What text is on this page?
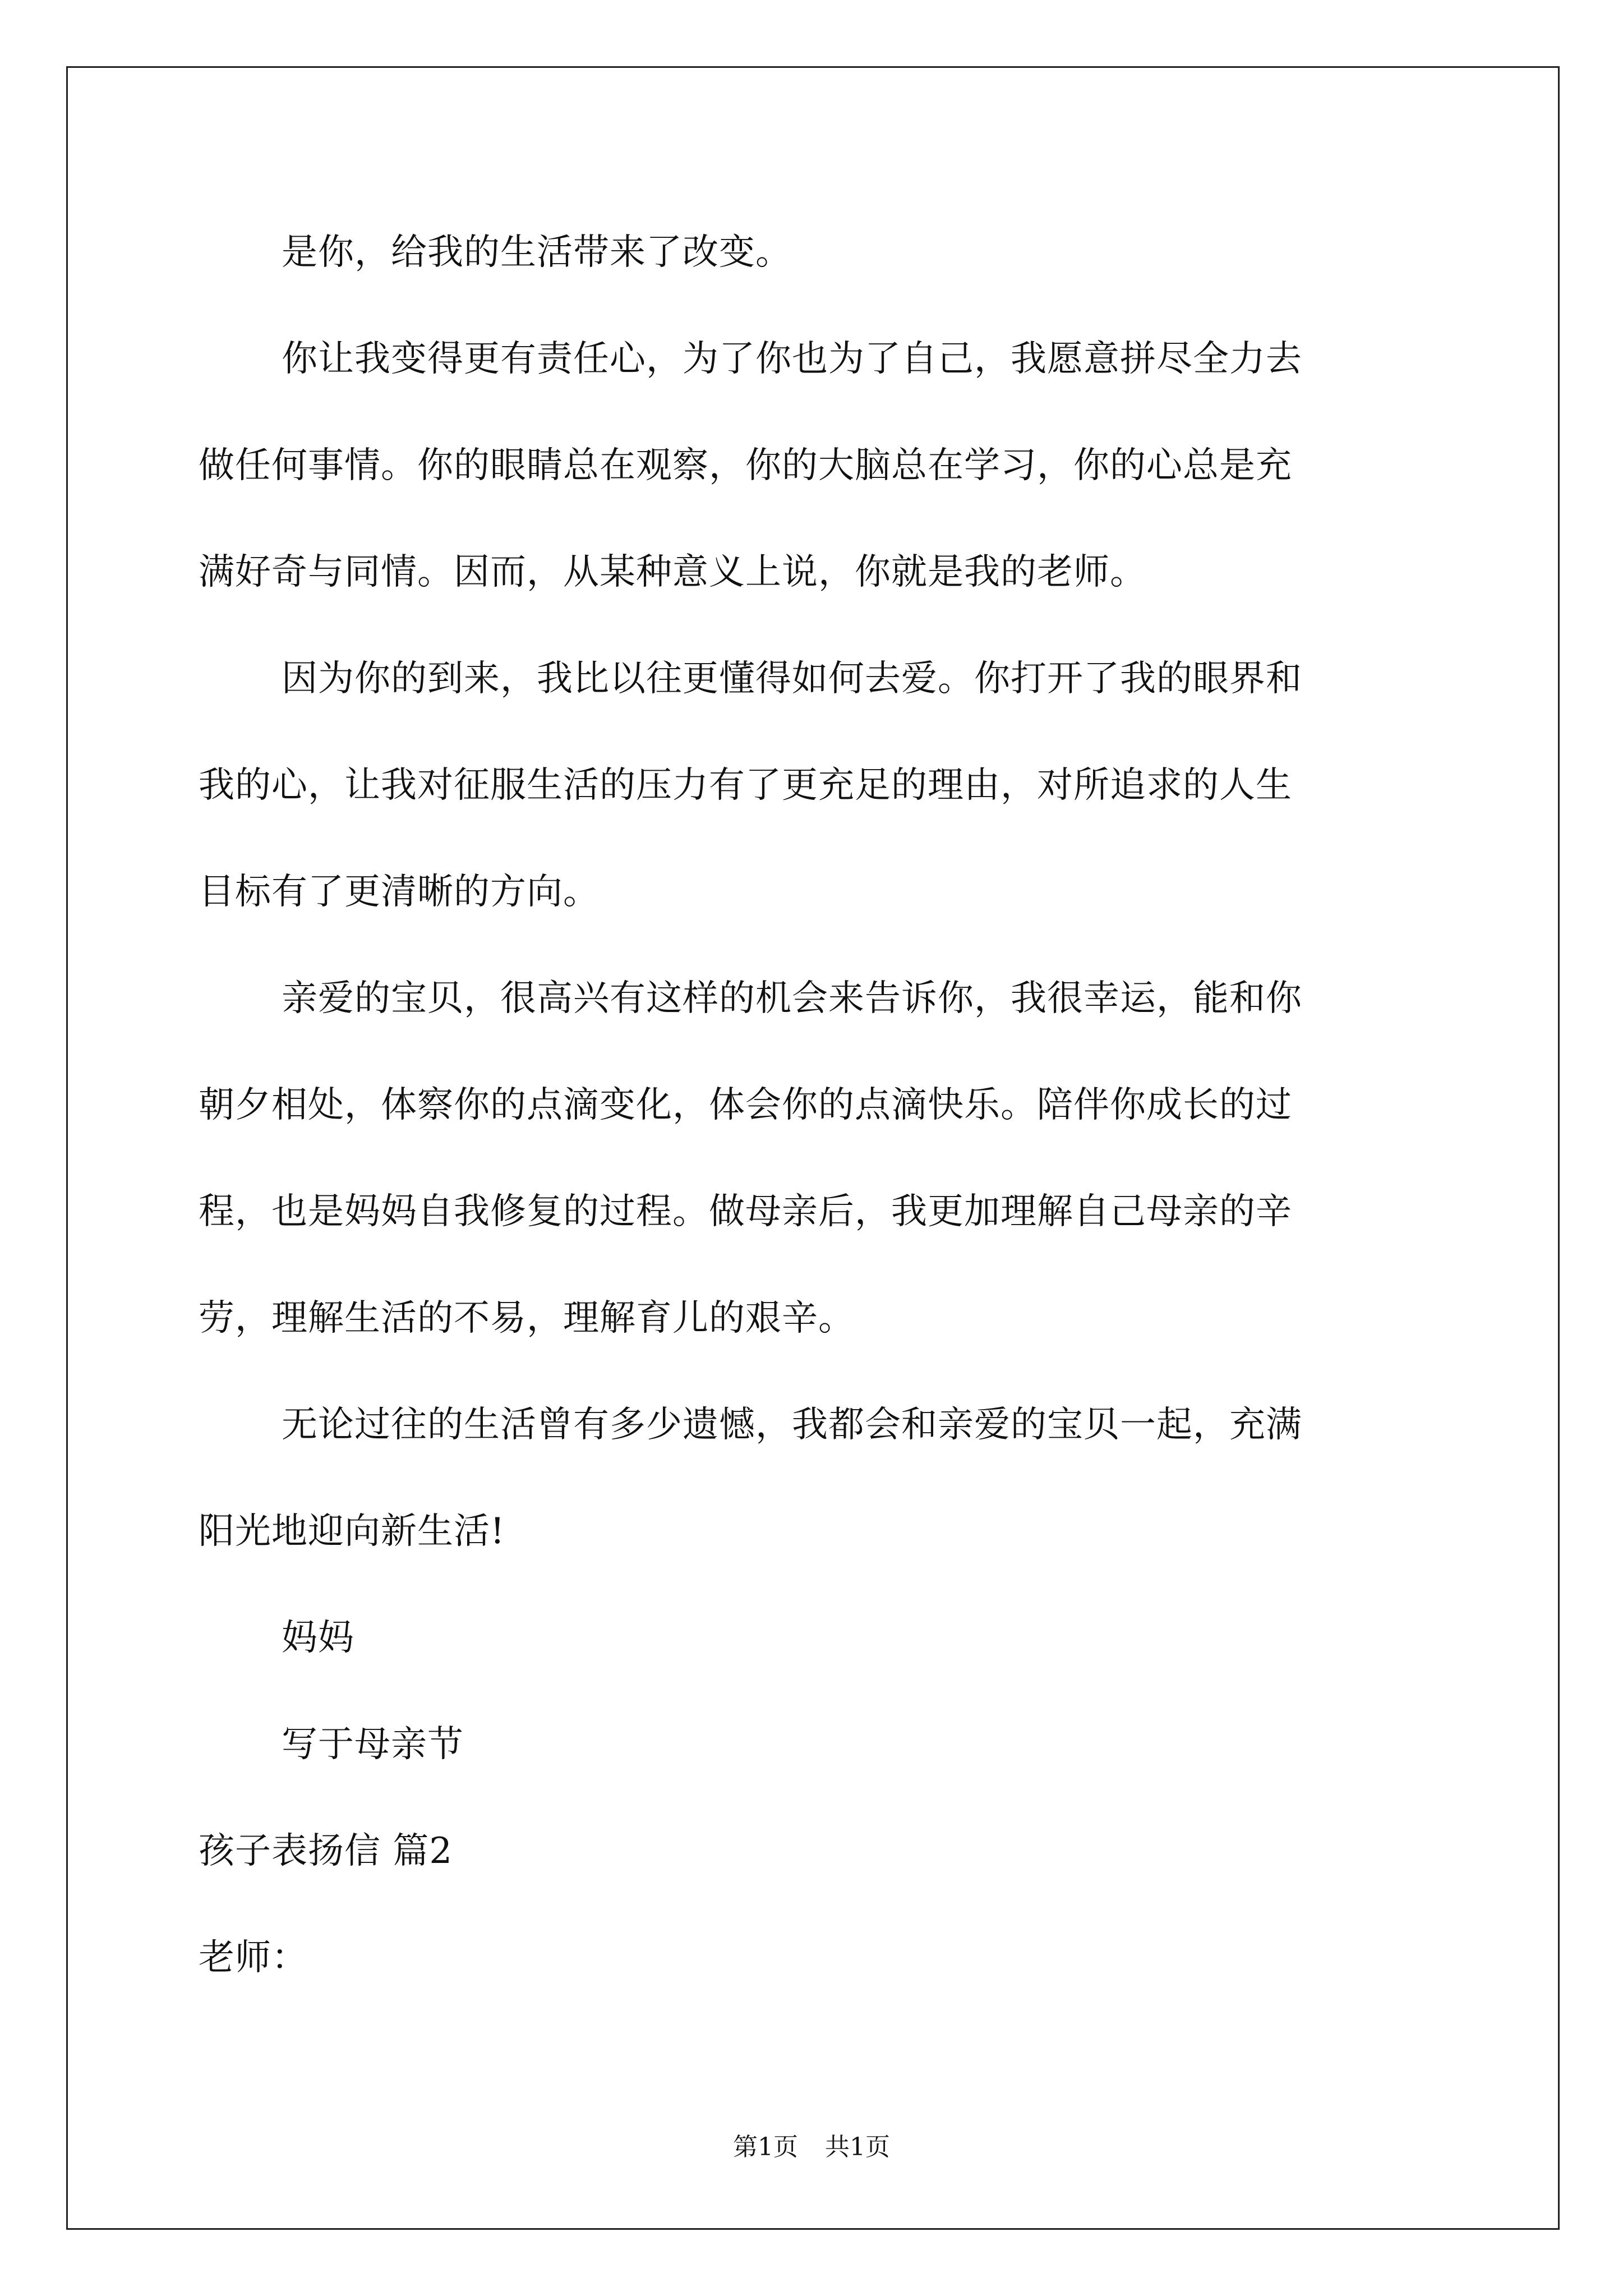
是你，给我的生活带来了改变。
你让我变得更有责任心，为了你也为了自己，我愿意拼尽全力去
做任何事情。你的眼睛总在观察，你的大脑总在学习，你的心总是充
满好奇与同情。因而，从某种意义上说，你就是我的老师。
因为你的到来，我比以往更懂得如何去爱。你打开了我的眼界和
我的心，让我对征服生活的压力有了更充足的理由，对所追求的人生
目标有了更清晰的方向。
亲爱的宝贝，很高兴有这样的机会来告诉你，我很幸运，能和你
朝夕相处，体察你的点滴变化，体会你的点滴快乐。陪伴你成长的过
程，也是妈妈自我修复的过程。做母亲后，我更加理解自己母亲的辛
劳，理解生活的不易，理解育儿的艰辛。
无论过往的生活曾有多少遗憾，我都会和亲爱的宝贝一起，充满
阳光地迎向新生活!
妈妈
写于母亲节
孩子表扬信 篇2
老师：
第1页 共1页
